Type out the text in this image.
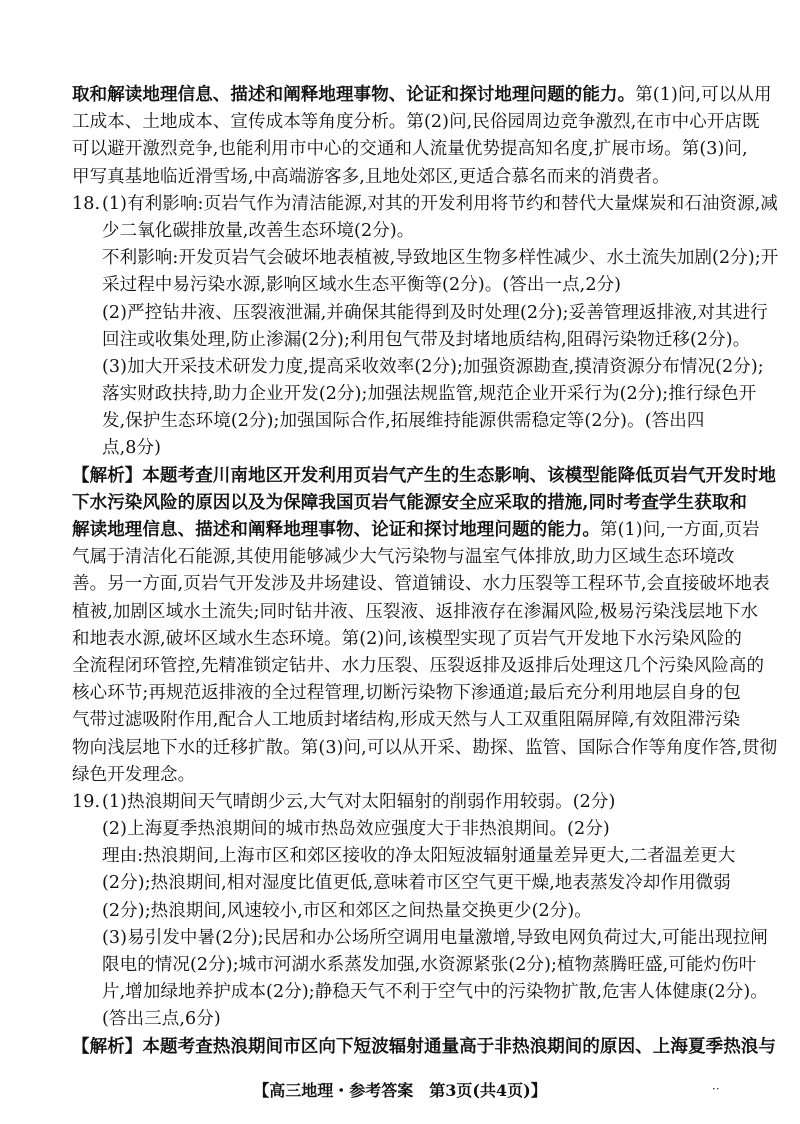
取和解读地理信息、描述和阐释地理事物、论证和探讨地理问题的能力。第(1)问,可以从用
工成本、土地成本、宣传成本等角度分析。第(2)问,民俗园周边竞争激烈,在市中心开店既
可以避开激烈竞争,也能利用市中心的交通和人流量优势提高知名度,扩展市场。第(3)问,
甲写真基地临近滑雪场,中高端游客多,且地处郊区,更适合慕名而来的消费者。
18. (1)有利影响:页岩气作为清洁能源,对其的开发利用将节约和替代大量煤炭和石油资源,减
少二氧化碳排放量,改善生态环境(2分)。
不利影响:开发页岩气会破坏地表植被,导致地区生物多样性减少、水土流失加剧(2分);开
采过程中易污染水源,影响区域水生态平衡等(2分)。(答出一点,2分)
(2)严控钻井液、压裂液泄漏,并确保其能得到及时处理(2分);妥善管理返排液,对其进行
回注或收集处理,防止渗漏(2分);利用包气带及封堵地质结构,阻碍污染物迁移(2分)。
(3)加大开采技术研发力度,提高采收效率(2分);加强资源勘查,摸清资源分布情况(2分);
落实财政扶持,助力企业开发(2分);加强法规监管,规范企业开采行为(2分);推行绿色开
发,保护生态环境(2分);加强国际合作,拓展维持能源供需稳定等(2分)。(答出四
点,8分)
【解析】本题考查川南地区开发利用页岩气产生的生态影响、该模型能降低页岩气开发时地
下水污染风险的原因以及为保障我国页岩气能源安全应采取的措施,同时考查学生获取和
解读地理信息、描述和阐释地理事物、论证和探讨地理问题的能力。第(1)问,一方面,页岩
气属于清洁化石能源,其使用能够减少大气污染物与温室气体排放,助力区域生态环境改
善。另一方面,页岩气开发涉及井场建设、管道铺设、水力压裂等工程环节,会直接破坏地表
植被,加剧区域水土流失;同时钻井液、压裂液、返排液存在渗漏风险,极易污染浅层地下水
和地表水源,破坏区域水生态环境。第(2)问,该模型实现了页岩气开发地下水污染风险的
全流程闭环管控,先精准锁定钻井、水力压裂、压裂返排及返排后处理这几个污染风险高的
核心环节;再规范返排液的全过程管理,切断污染物下渗通道;最后充分利用地层自身的包
气带过滤吸附作用,配合人工地质封堵结构,形成天然与人工双重阻隔屏障,有效阻滞污染
物向浅层地下水的迁移扩散。第(3)问,可以从开采、勘探、监管、国际合作等角度作答,贯彻
绿色开发理念。
19. (1)热浪期间天气晴朗少云,大气对太阳辐射的削弱作用较弱。(2分)
(2)上海夏季热浪期间的城市热岛效应强度大于非热浪期间。(2分)
理由:热浪期间,上海市区和郊区接收的净太阳短波辐射通量差异更大,二者温差更大
(2分);热浪期间,相对湿度比值更低,意味着市区空气更干燥,地表蒸发冷却作用微弱
(2分);热浪期间,风速较小,市区和郊区之间热量交换更少(2分)。
(3)易引发中暑(2分);民居和办公场所空调用电量激增,导致电网负荷过大,可能出现拉闸
限电的情况(2分);城市河湖水系蒸发加强,水资源紧张(2分);植物蒸腾旺盛,可能灼伤叶
片,增加绿地养护成本(2分);静稳天气不利于空气中的污染物扩散,危害人体健康(2分)。
(答出三点,6分)
【解析】本题考查热浪期间市区向下短波辐射通量高于非热浪期间的原因、上海夏季热浪与
【高三地理・参考答案　第3页(共4页)】	··
